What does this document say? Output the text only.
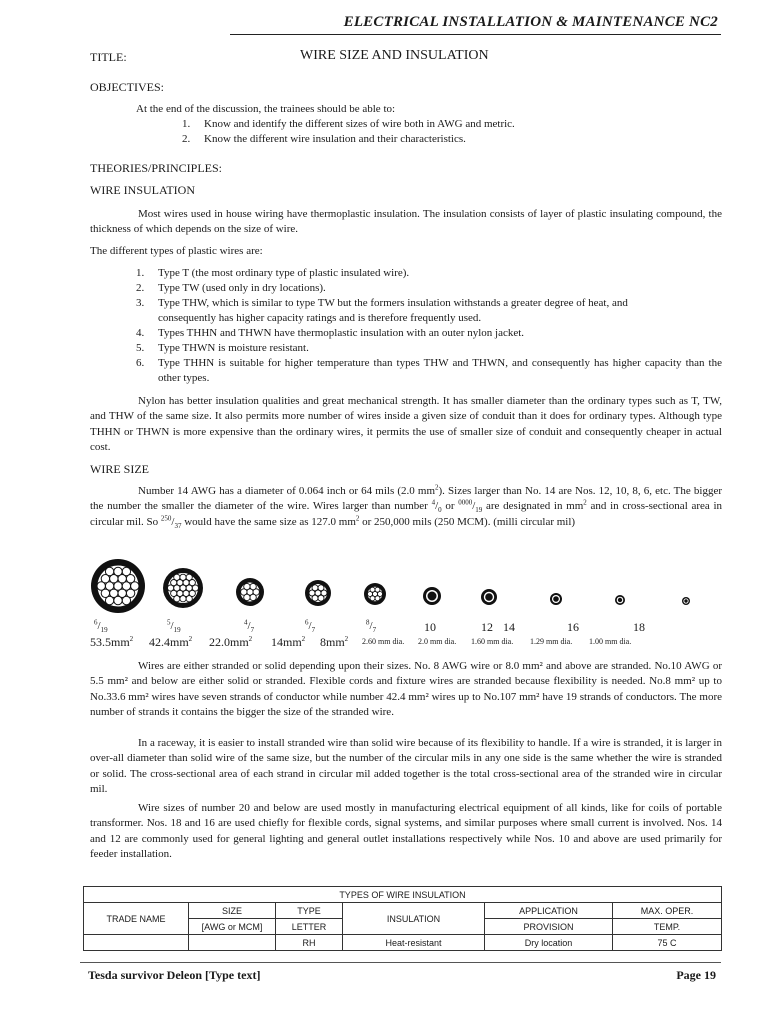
ELECTRICAL INSTALLATION & MAINTENANCE NC2
TITLE:	WIRE SIZE AND INSULATION
OBJECTIVES:
At the end of the discussion, the trainees should be able to:
1. Know and identify the different sizes of wire both in AWG and metric.
2. Know the different wire insulation and their characteristics.
THEORIES/PRINCIPLES:
WIRE INSULATION
Most wires used in house wiring have thermoplastic insulation. The insulation consists of layer of plastic insulating compound, the thickness of which depends on the size of wire.
The different types of plastic wires are:
1. Type T (the most ordinary type of plastic insulated wire).
2. Type TW (used only in dry locations).
3. Type THW, which is similar to type TW but the formers insulation withstands a greater degree of heat, and consequently has higher capacity ratings and is therefore frequently used.
4. Types THHN and THWN have thermoplastic insulation with an outer nylon jacket.
5. Type THWN is moisture resistant.
6. Type THHN is suitable for higher temperature than types THW and THWN, and consequently has higher capacity than the other types.
Nylon has better insulation qualities and great mechanical strength. It has smaller diameter than the ordinary types such as T, TW, and THW of the same size. It also permits more number of wires inside a given size of conduit than it does for ordinary types. Although type THHN or THWN is more expensive than the ordinary wires, it permits the use of smaller size of conduit and consequently cheaper in actual cost.
WIRE SIZE
Number 14 AWG has a diameter of 0.064 inch or 64 mils (2.0 $mm^2$). Sizes larger than No. 14 are Nos. 12, 10, 8, 6, etc. The bigger the number the smaller the diameter of the wire. Wires larger than number $^4/_0$ or $^{0000}/_{19}$ are designated in $mm^2$ and in cross-sectional area in circular mil. So $^{250}/_{37}$ would have the same size as 127.0 $mm^2$ or 250,000 mils (250 MCM). (milli circular mil)
$^6/_{19}$
$^5/_{19}$
$^4/_7$
$^6/_7$
$^8/_7$	10	12 14	16	18
$53.5mm^2$ $42.4mm^2$ $22.0mm^2$ $14mm^2$ $8mm^2$ 2.60 mm dia. 2.0 mm dia. 1.60 mm dia. 1.29 mm dia. 1.00 mm dia.
Wires are either stranded or solid depending upon their sizes. No. 8 AWG wire or 8.0 mm² and above are stranded. No.10 AWG or 5.5 mm² and below are either solid or stranded. Flexible cords and fixture wires are stranded because flexibility is needed. No.8 mm² up to No.33.6 mm² wires have seven strands of conductor while number 42.4 mm² wires up to No.107 mm² have 19 strands of conductors. The more number of strands it contains the bigger the size of the stranded wire.
In a raceway, it is easier to install stranded wire than solid wire because of its flexibility to handle. If a wire is stranded, it is larger in over-all diameter than solid wire of the same size, but the number of the circular mils in any one side is the same whether the wire is stranded or solid. The cross-sectional area of each strand in circular mil added together is the total cross-sectional area of the stranded wire in circular mil.
Wire sizes of number 20 and below are used mostly in manufacturing electrical equipment of all kinds, like for coils of portable transformer. Nos. 18 and 16 are used chiefly for flexible cords, signal systems, and similar purposes where small current is involved. Nos. 14 and 12 are commonly used for general lighting and general outlet installations respectively while Nos. 10 and above are used primarily for feeder installation.
TYPES OF WIRE INSULATION					
TRADE NAME	SIZE	TYPE	INSULATION	APPLICATION	MAX. OPER.
	[AWG or MCM]	LETTER		PROVISION	TEMP.
		RH	Heat-resistant	Dry location	75 C
Tesda survivor Deleon [Type text]	Page 19
